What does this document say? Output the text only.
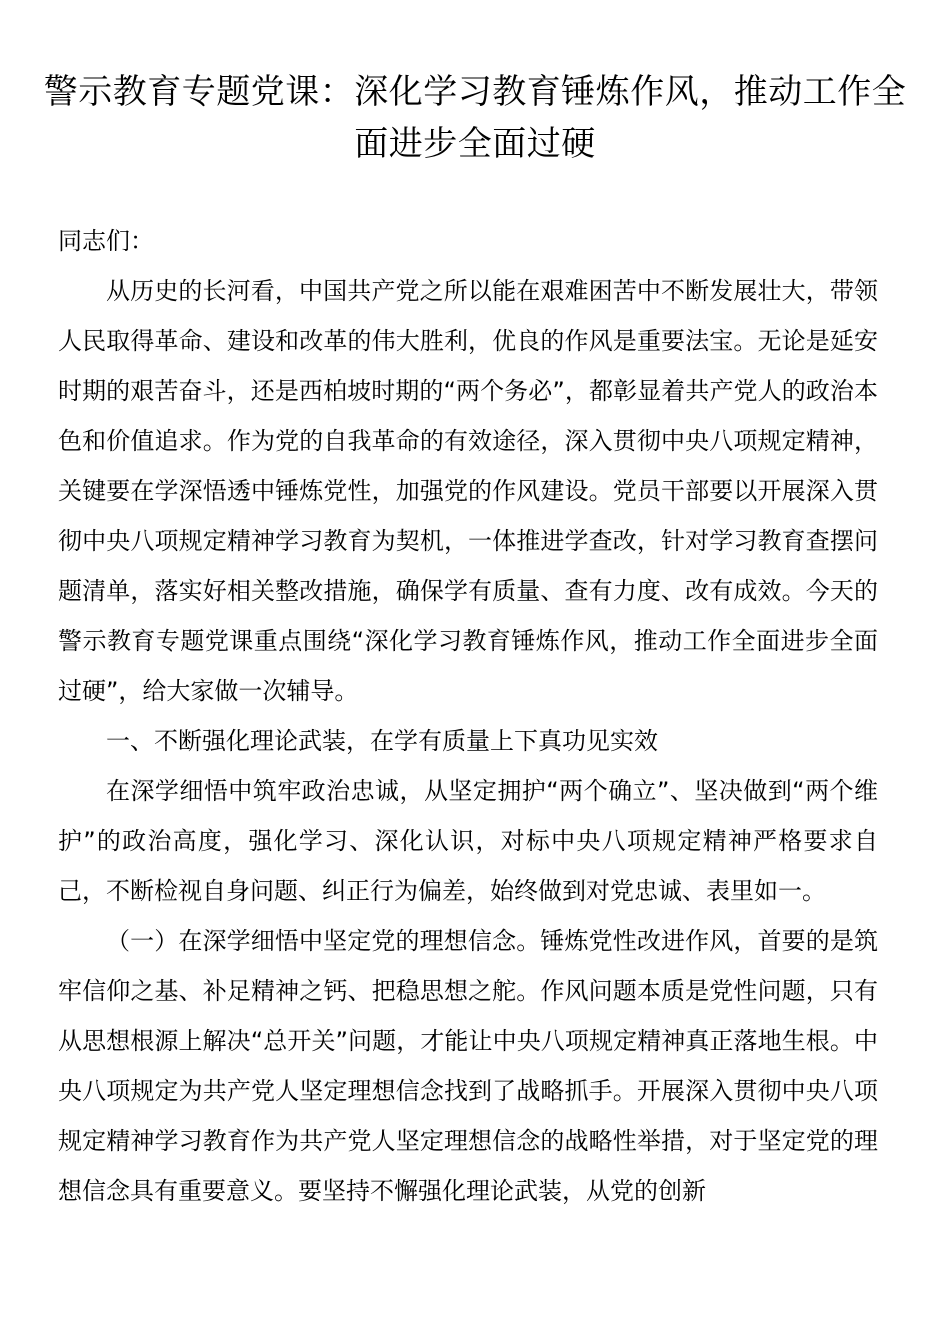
警示教育专题党课：深化学习教育锤炼作风，推动工作全面进步全面过硬

同志们：

从历史的长河看，中国共产党之所以能在艰难困苦中不断发展壮大，带领人民取得革命、建设和改革的伟大胜利，优良的作风是重要法宝。无论是延安时期的艰苦奋斗，还是西柏坡时期的“两个务必”，都彰显着共产党人的政治本色和价值追求。作为党的自我革命的有效途径，深入贯彻中央八项规定精神，关键要在学深悟透中锤炼党性，加强党的作风建设。党员干部要以开展深入贯彻中央八项规定精神学习教育为契机，一体推进学查改，针对学习教育查摆问题清单，落实好相关整改措施，确保学有质量、查有力度、改有成效。今天的警示教育专题党课重点围绕“深化学习教育锤炼作风，推动工作全面进步全面过硬”，给大家做一次辅导。

一、不断强化理论武装，在学有质量上下真功见实效

在深学细悟中筑牢政治忠诚，从坚定拥护“两个确立”、坚决做到“两个维护”的政治高度，强化学习、深化认识，对标中央八项规定精神严格要求自己，不断检视自身问题、纠正行为偏差，始终做到对党忠诚、表里如一。

（一）在深学细悟中坚定党的理想信念。锤炼党性改进作风，首要的是筑牢信仰之基、补足精神之钙、把稳思想之舵。作风问题本质是党性问题，只有从思想根源上解决“总开关”问题，才能让中央八项规定精神真正落地生根。中央八项规定为共产党人坚定理想信念找到了战略抓手。开展深入贯彻中央八项规定精神学习教育作为共产党人坚定理想信念的战略性举措，对于坚定党的理想信念具有重要意义。要坚持不懈强化理论武装，从党的创新
